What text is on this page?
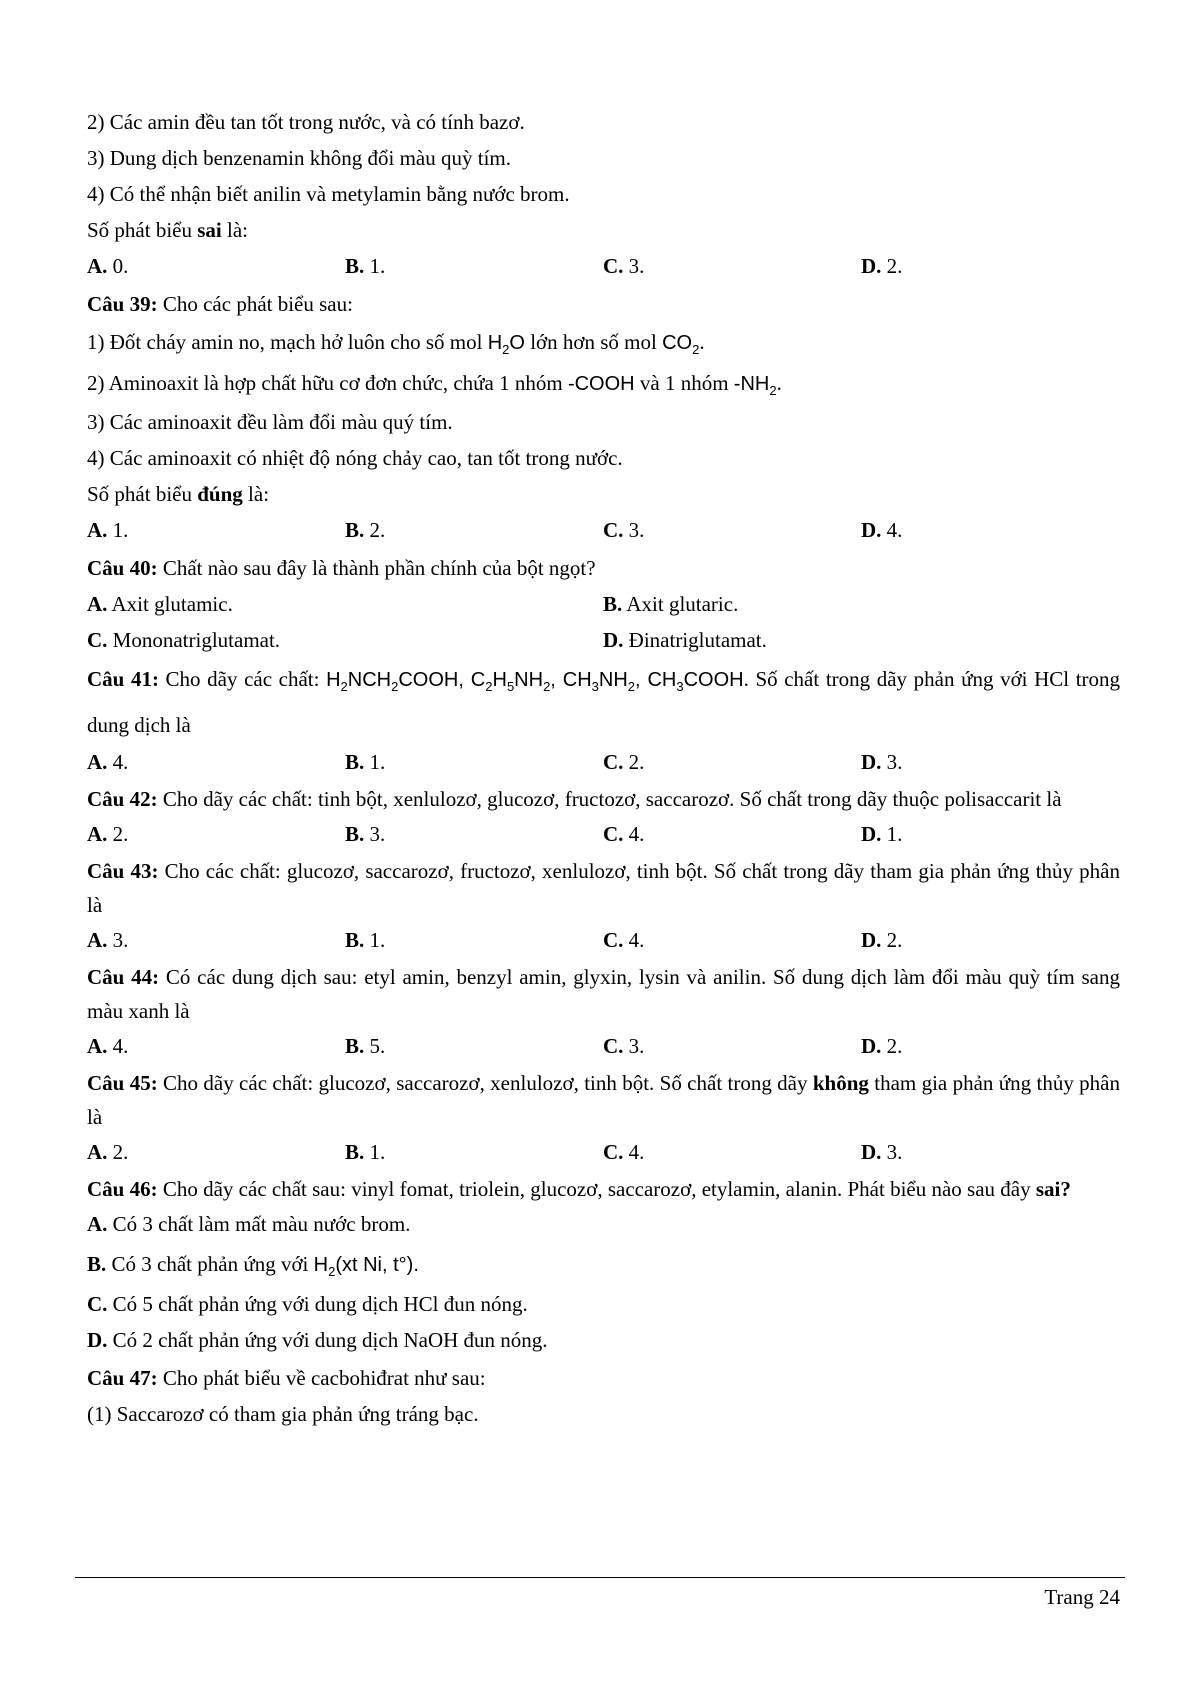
2) Các amin đều tan tốt trong nước, và có tính bazơ.
3) Dung dịch benzenamin không đổi màu quỳ tím.
4) Có thể nhận biết anilin và metylamin bằng nước brom.
Số phát biểu sai là:
A. 0.	B. 1.	C. 3.	D. 2.
Câu 39: Cho các phát biểu sau:
1) Đốt cháy amin no, mạch hở luôn cho số mol $H_2O$ lớn hơn số mol $CO_2$.
2) Aminoaxit là hợp chất hữu cơ đơn chức, chứa 1 nhóm -COOH và 1 nhóm $-NH_2$.
3) Các aminoaxit đều làm đổi màu quý tím.
4) Các aminoaxit có nhiệt độ nóng chảy cao, tan tốt trong nước.
Số phát biểu đúng là:
A. 1.	B. 2.	C. 3.	D. 4.
Câu 40: Chất nào sau đây là thành phần chính của bột ngọt?
A. Axit glutamic.	B. Axit glutaric.
C. Mononatriglutamat.	D. Đinatriglutamat.
Câu 41: Cho dãy các chất: $H_2NCH_2COOH$, $C_2H_5NH_2$, $CH_3NH_2$, $CH_3COOH$. Số chất trong dãy phản ứng với HCl trong dung dịch là
A. 4.	B. 1.	C. 2.	D. 3.
Câu 42: Cho dãy các chất: tinh bột, xenlulozơ, glucozơ, fructozơ, saccarozơ. Số chất trong dãy thuộc polisaccarit là
A. 2.	B. 3.	C. 4.	D. 1.
Câu 43: Cho các chất: glucozơ, saccarozơ, fructozơ, xenlulozơ, tinh bột. Số chất trong dãy tham gia phản ứng thủy phân là
A. 3.	B. 1.	C. 4.	D. 2.
Câu 44: Có các dung dịch sau: etyl amin, benzyl amin, glyxin, lysin và anilin. Số dung dịch làm đổi màu quỳ tím sang màu xanh là
A. 4.	B. 5.	C. 3.	D. 2.
Câu 45: Cho dãy các chất: glucozơ, saccarozơ, xenlulozơ, tinh bột. Số chất trong dãy không tham gia phản ứng thủy phân là
A. 2.	B. 1.	C. 4.	D. 3.
Câu 46: Cho dãy các chất sau: vinyl fomat, triolein, glucozơ, saccarozơ, etylamin, alanin. Phát biểu nào sau đây sai?
A. Có 3 chất làm mất màu nước brom.
B. Có 3 chất phản ứng với $H_2(xt$ Ni, t°).
C. Có 5 chất phản ứng với dung dịch HCl đun nóng.
D. Có 2 chất phản ứng với dung dịch NaOH đun nóng.
Câu 47: Cho phát biểu về cacbohiđrat như sau:
(1) Saccarozơ có tham gia phản ứng tráng bạc.
Trang 24
